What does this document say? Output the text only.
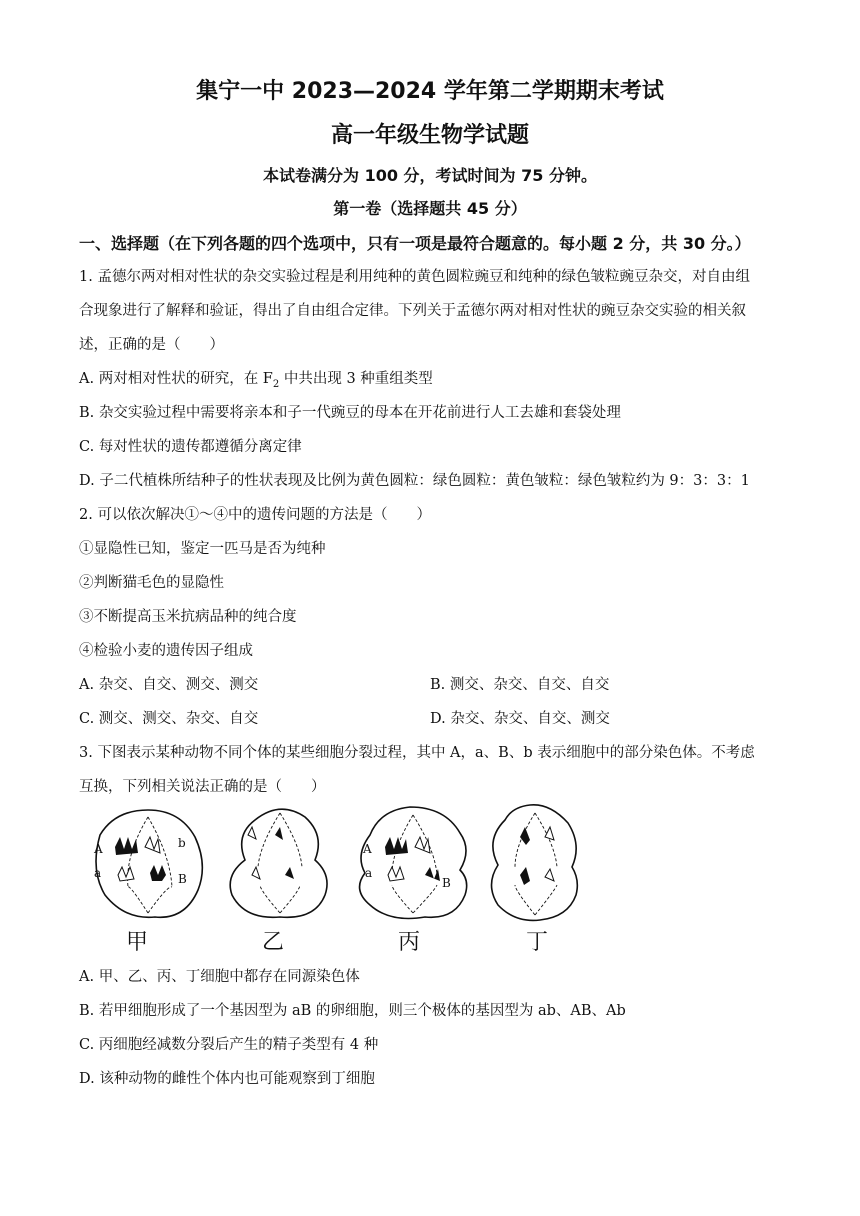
集宁一中 2023—2024 学年第二学期期末考试
高一年级生物学试题
本试卷满分为 100 分，考试时间为 75 分钟。
第一卷（选择题共 45 分）
一、选择题（在下列各题的四个选项中，只有一项是最符合题意的。每小题 2 分，共 30 分。）
1. 孟德尔两对相对性状的杂交实验过程是利用纯种的黄色圆粒豌豆和纯种的绿色皱粒豌豆杂交，对自由组
合现象进行了解释和验证，得出了自由组合定律。下列关于孟德尔两对相对性状的豌豆杂交实验的相关叙
述，正确的是（　　）
A. 两对相对性状的研究，在 $F_2$ 中共出现 3 种重组类型
B. 杂交实验过程中需要将亲本和子一代豌豆的母本在开花前进行人工去雄和套袋处理
C. 每对性状的遗传都遵循分离定律
D. 子二代植株所结种子的性状表现及比例为黄色圆粒：绿色圆粒：黄色皱粒：绿色皱粒约为 9：3：3：1
2. 可以依次解决①～④中的遗传问题的方法是（　　）
①显隐性已知，鉴定一匹马是否为纯种
②判断猫毛色的显隐性
③不断提高玉米抗病品种的纯合度
④检验小麦的遗传因子组成
A. 杂交、自交、测交、测交	B. 测交、杂交、自交、自交
C. 测交、测交、杂交、自交	D. 杂交、杂交、自交、测交
3. 下图表示某种动物不同个体的某些细胞分裂过程，其中 A，a、B、b 表示细胞中的部分染色体。不考虑
互换，下列相关说法正确的是（　　）
A	b
a	B
A
a
B
甲	乙	丙	丁
A. 甲、乙、丙、丁细胞中都存在同源染色体
B. 若甲细胞形成了一个基因型为 aB 的卵细胞，则三个极体的基因型为 ab、AB、Ab
C. 丙细胞经减数分裂后产生的精子类型有 4 种
D. 该种动物的雌性个体内也可能观察到丁细胞
